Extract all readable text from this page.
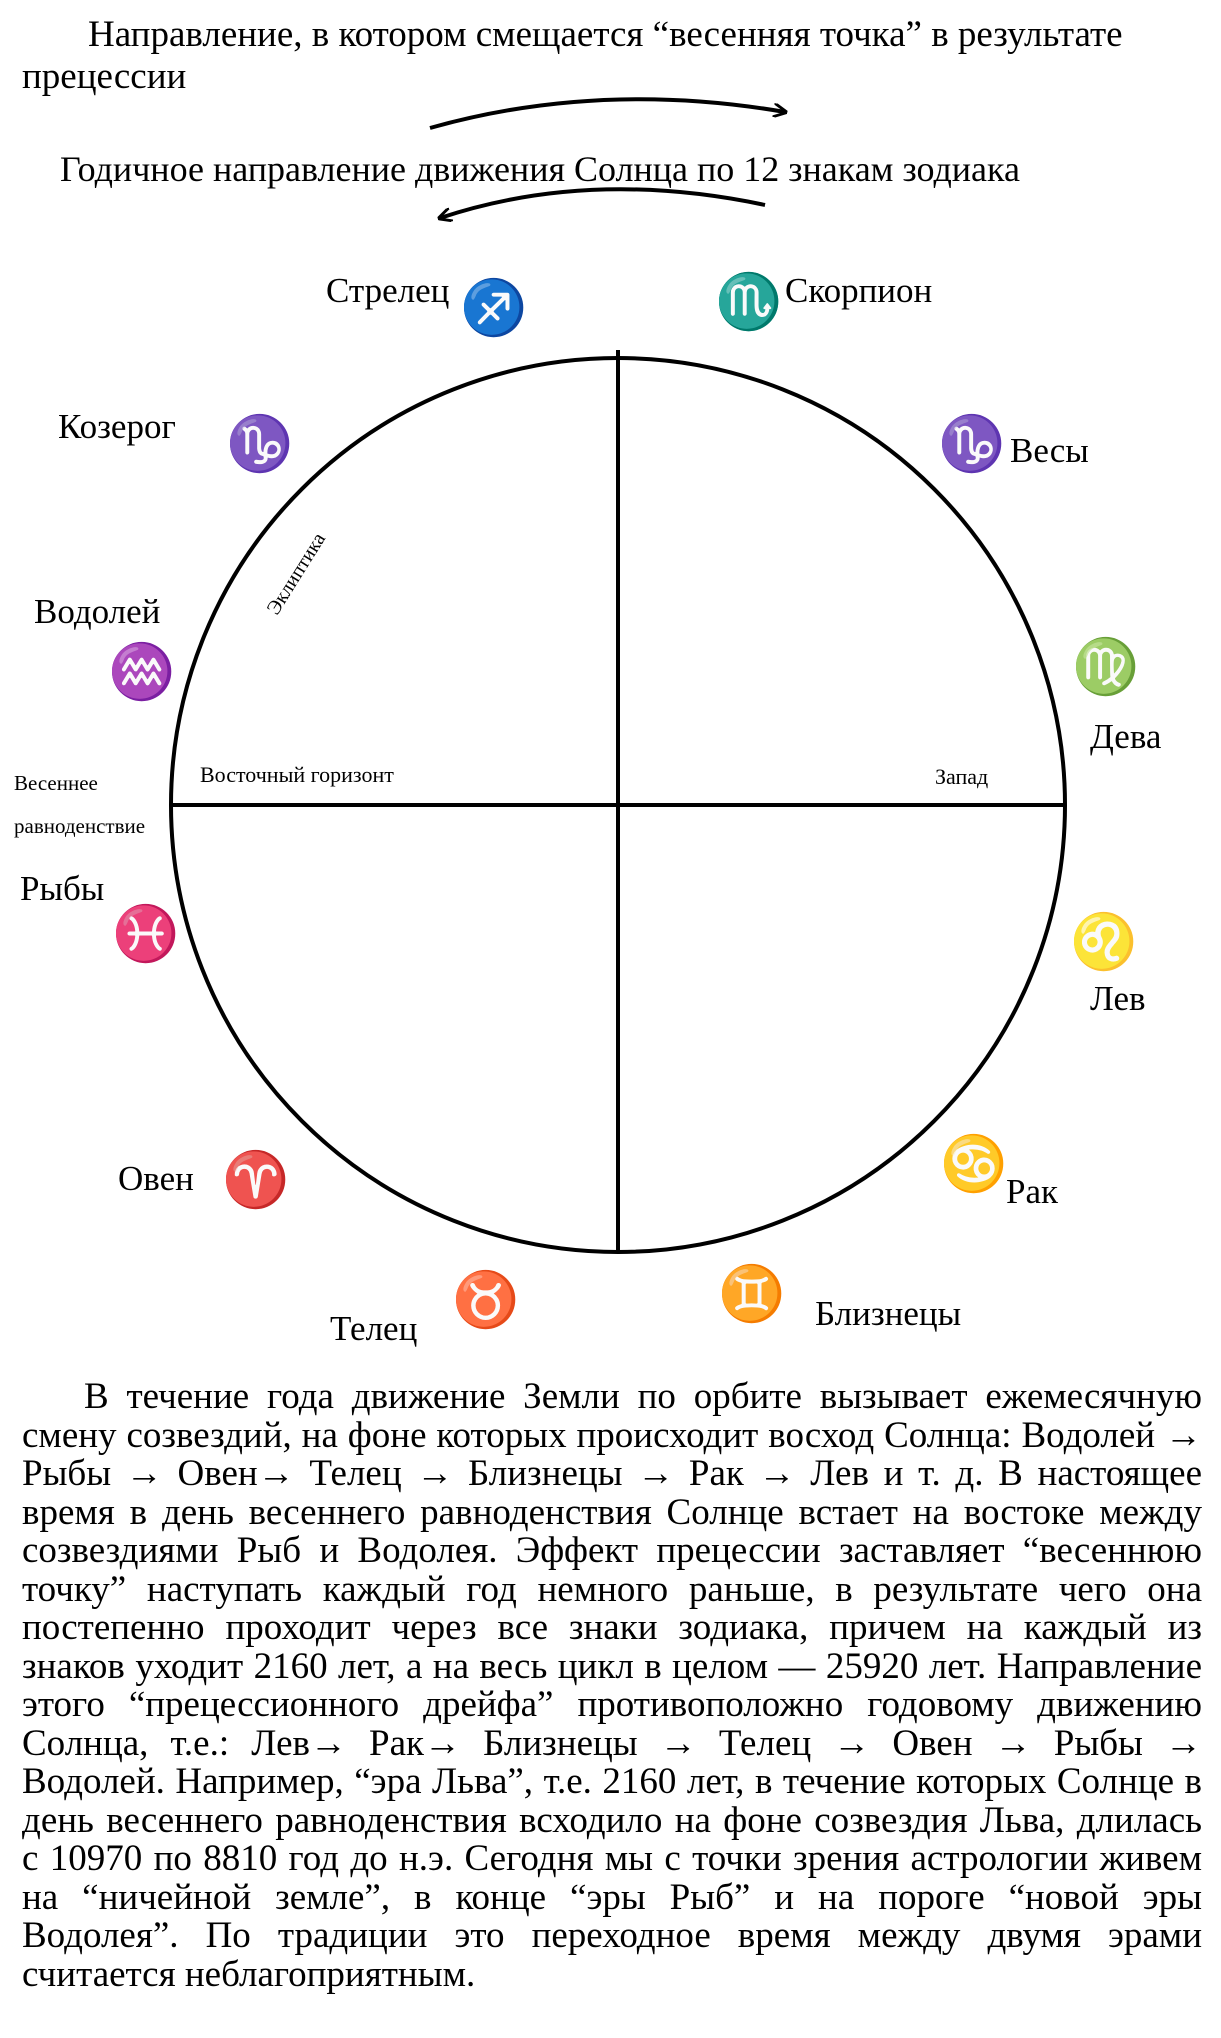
Направление, в котором смещается “весенняя точка” в результате прецессии
Годичное направление движения Солнца по 12 знакам зодиака
Эклиптика
Восточный горизонт	Запад
Весеннее
равноденствие
Стрелец ♐	♏ Скорпион
Козерог ♑	♑ Весы
Водолей
♒	♍
Дева
Рыбы
♓	♌
Лев
Овен ♈	♋
Рак
♉
Телец
♊ Близнецы

В течение года движение Земли по орбите вызывает ежемесячную смену созвездий, на фоне которых происходит восход Солнца: Водолей → Рыбы → Овен→ Телец → Близнецы → Рак → Лев и т. д. В настоящее время в день весеннего равноденствия Солнце встает на востоке между созвездиями Рыб и Водолея. Эффект прецессии заставляет “весеннюю точку” наступать каждый год немного раньше, в результате чего она постепенно проходит через все знаки зодиака, причем на каждый из знаков уходит 2160 лет, а на весь цикл в целом — 25920 лет. Направление этого “прецессионного дрейфа” противоположно годовому движению Солнца, т.е.: Лев→ Рак→ Близнецы → Телец → Овен → Рыбы → Водолей. Например, “эра Льва”, т.е. 2160 лет, в течение которых Солнце в день весеннего равноденствия всходило на фоне созвездия Льва, длилась с 10970 по 8810 год до н.э. Сегодня мы с точки зрения астрологии живем на “ничейной земле”, в конце “эры Рыб” и на пороге “новой эры Водолея”. По традиции это переходное время между двумя эрами считается неблагоприятным.
